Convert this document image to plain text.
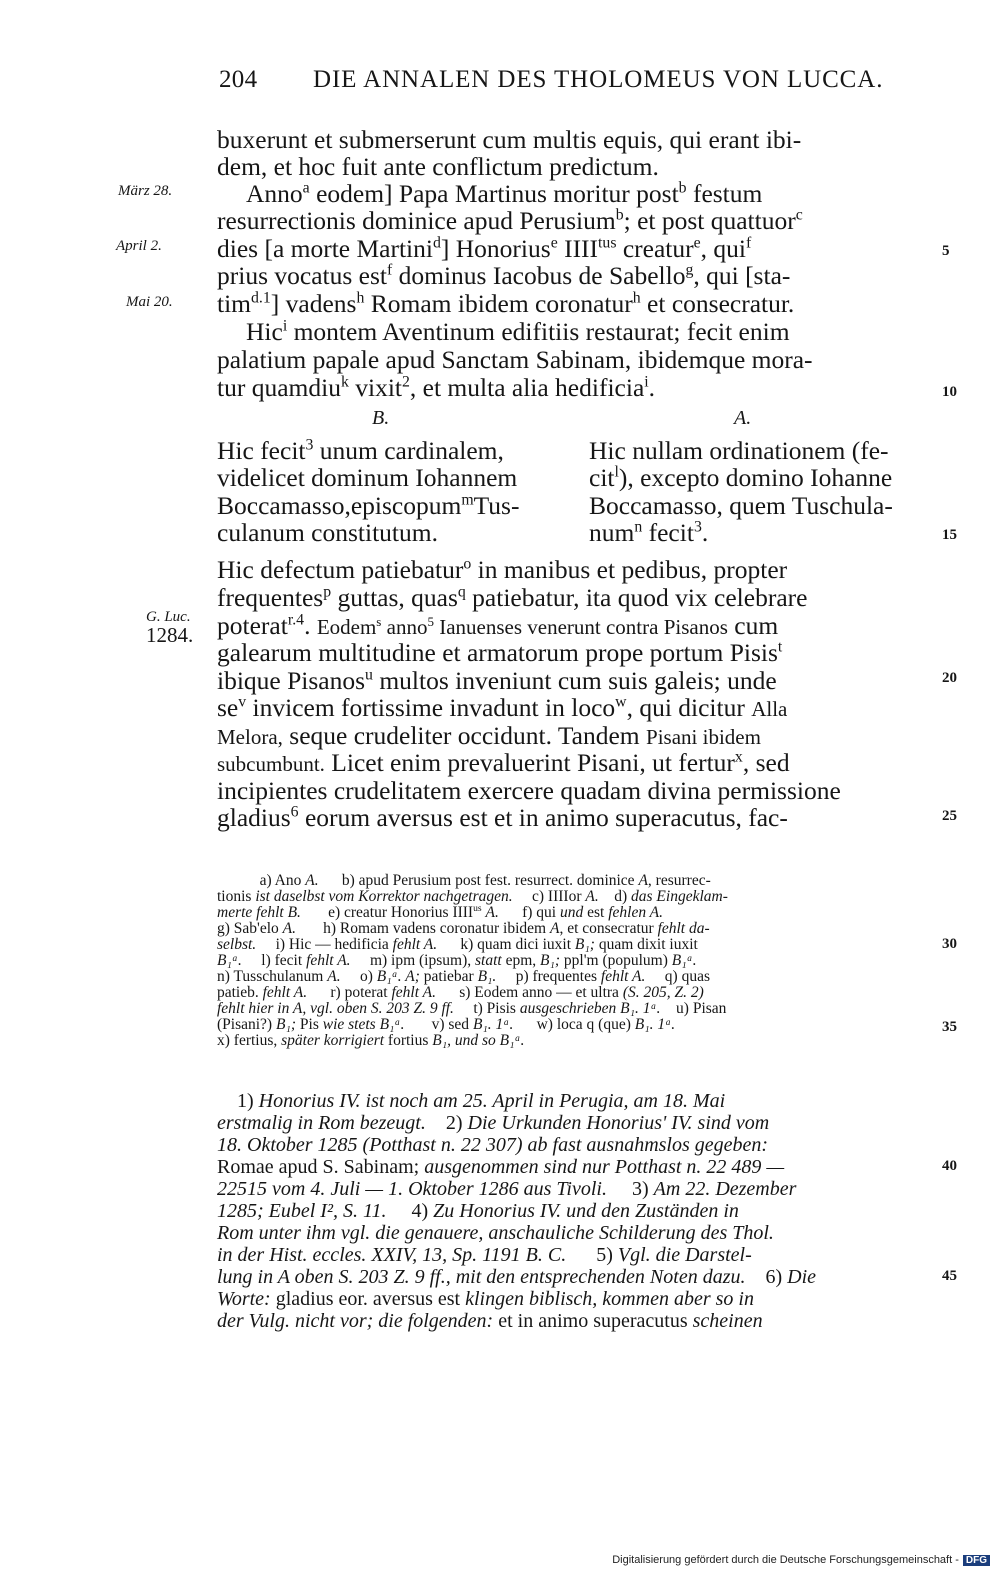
204 DIE ANNALEN DES THOLOMEUS VON LUCCA.
März 28.
April 2.
Mai 20.
G. Luc.
1284.
5
10
15
20
25
30
35
40
45
buxerunt et submerserunt cum multis equis, qui erant ibi-
dem, et hoc fuit ante conflictum predictum.
Anno$^a$ eodem] Papa Martinus moritur post$^b$ festum
resurrectionis dominice apud Perusium$^b$; et post quattuor$^c$
dies [a morte Martini$^d$] Honorius$^e$ $IIII^{tus}$ creatur$^e$, qui$^f$
prius vocatus est$^f$ dominus Iacobus de Sabello$^g$, qui [sta-
tim$^{d.1}$] vadens$^h$ Romam ibidem coronatur$^h$ et consecratur.
Hic$^i$ montem Aventinum edifitiis restaurat; fecit enim
palatium papale apud Sanctam Sabinam, ibidemque mora-
tur quamdiu$^k$ vixit$^2$, et multa alia hedificia$^i$.
B.	A.
Hic fecit$^3$ unum cardinalem,
videlicet dominum Iohannem
Boccamasso,episcopum$^m$Tus-
culanum constitutum.
Hic nullam ordinationem (fe-
cit$^l$), excepto domino Iohanne
Boccamasso, quem Tuschula-
num$^n$ fecit$^3$.
Hic defectum patiebatur$^o$ in manibus et pedibus, propter
frequentes$^p$ guttas, quas$^q$ patiebatur, ita quod vix celebrare
poterat$^{r.4}$. Eodem$^s$ anno$^5$ Ianuenses venerunt contra Pisanos cum
galearum multitudine et armatorum prope portum Pisis$^t$
ibique Pisanos$^u$ multos inveniunt cum suis galeis; unde
$se^v$ invicem fortissime invadunt in loco$^w$, qui dicitur Alla
Melora, seque crudeliter occidunt. Tandem Pisani ibidem
subcumbunt. Licet enim prevaluerint Pisani, ut fertur$^x$, sed
incipientes crudelitatem exercere quadam divina permissione
gladius$^6$ eorum aversus est et in animo superacutus, fac-
a) Ano A.      b) apud Perusium post fest. resurrect. dominice A, resurrec-
tionis ist daselbst vom Korrektor nachgetragen.     c) IIIIor A.    d) das Eingeklam-
merte fehlt B.       e) creatur Honorius $IIII^{us}$ A.      f) qui und est fehlen A.
g) Sab'elo A.       h) Romam vadens coronatur ibidem A, et consecratur fehlt da-
selbst.     i) Hic — hedificia fehlt A.      k) quam dici iuxit B₁; quam dixit iuxit
B₁ᵃ.     l) fecit fehlt A.     m) ipm (ipsum), statt epm, B₁; ppl'm (populum) B₁ᵃ.
n) Tusschulanum A.     o) B₁ᵃ. A; patiebar B₁.     p) frequentes fehlt A.     q) quas
patieb. fehlt A.      r) poterat fehlt A.      s) Eodem anno — et ultra (S. 205, Z. 2)
fehlt hier in A, vgl. oben S. 203 Z. 9 ff.     t) Pisis ausgeschrieben B₁. 1ᵃ.    u) Pisan
(Pisani?) B₁; Pis wie stets B₁ᵃ.       v) sed B₁. 1ᵃ.      w) loca q (que) B₁. 1ᵃ.
x) fertius, später korrigiert fortius B₁, und so B₁ᵃ.
1) Honorius IV. ist noch am 25. April in Perugia, am 18. Mai
erstmalig in Rom bezeugt.    2) Die Urkunden Honorius' IV. sind vom
18. Oktober 1285 (Potthast n. 22 307) ab fast ausnahmslos gegeben:
Romae apud S. Sabinam; ausgenommen sind nur Potthast n. 22 489 —
22515 vom 4. Juli — 1. Oktober 1286 aus Tivoli.     3) Am 22. Dezember
1285; Eubel I², S. 11.     4) Zu Honorius IV. und den Zuständen in
Rom unter ihm vgl. die genauere, anschauliche Schilderung des Thol.
in der Hist. eccles. XXIV, 13, Sp. 1191 B. C.      5) Vgl. die Darstel-
lung in A oben S. 203 Z. 9 ff., mit den entsprechenden Noten dazu.    6) Die
Worte: gladius eor. aversus est klingen biblisch, kommen aber so in
der Vulg. nicht vor; die folgenden: et in animo superacutus scheinen
Digitalisierung gefördert durch die Deutsche Forschungsgemeinschaft - DFG
